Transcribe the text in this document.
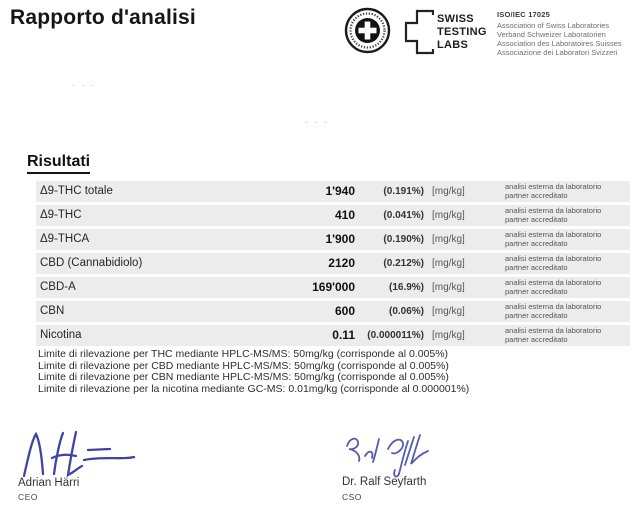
Rapporto d'analisi	SWISS
TESTING
LABS
ISO/IEC 17025
Association of Swiss Laboratories
Verband Schweizer Laboratorien
Association des Laboratoires Suisses
Associazione dei Laboratori Svizzeri
- - -
- - -
Risultati
Δ9-THC totale	1'940	(0.191%) [mg/kg]	analisi esterna da laboratorio
partner accreditato
Δ9-THC	410	(0.041%) [mg/kg]	analisi esterna da laboratorio
partner accreditato
Δ9-THCA	1'900	(0.190%) [mg/kg]	analisi esterna da laboratorio
partner accreditato
CBD (Cannabidiolo)	2120	(0.212%) [mg/kg]	analisi esterna da laboratorio
partner accreditato
CBD-A	169'000	(16.9%) [mg/kg]	analisi esterna da laboratorio
partner accreditato
CBN	600	(0.06%) [mg/kg]	analisi esterna da laboratorio
partner accreditato
Nicotina	0.11	(0.000011%) [mg/kg]	analisi esterna da laboratorio
partner accreditato
Limite di rilevazione per THC mediante HPLC-MS/MS: 50mg/kg (corrisponde al 0.005%)
Limite di rilevazione per CBD mediante HPLC-MS/MS: 50mg/kg (corrisponde al 0.005%)
Limite di rilevazione per CBN mediante HPLC-MS/MS: 50mg/kg (corrisponde al 0.005%)
Limite di rilevazione per la nicotina mediante GC-MS: 0.01mg/kg (corrisponde al 0.000001%)
Adrian Härri
CEO
Dr. Ralf Seyfarth
CSO
